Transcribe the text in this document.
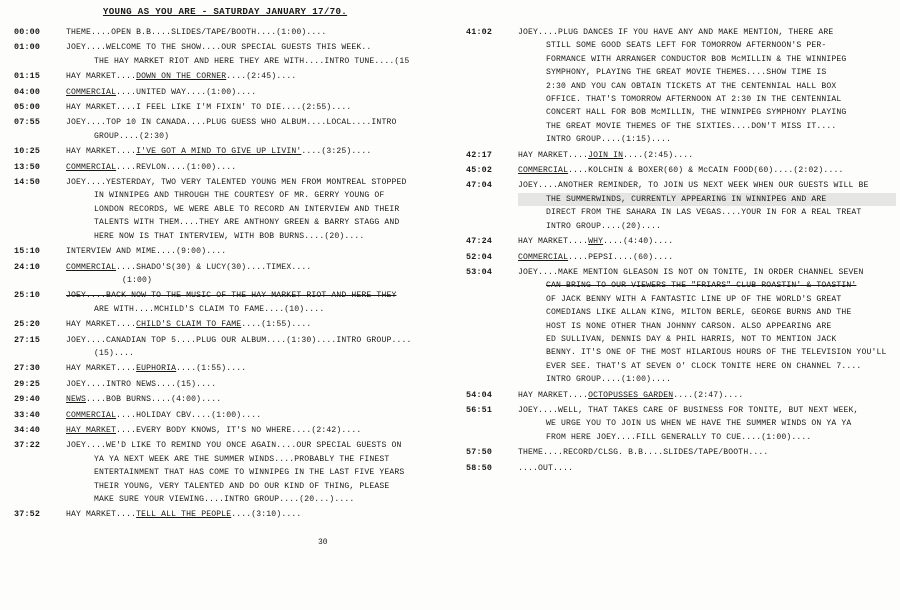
YOUNG AS YOU ARE - SATURDAY JANUARY 17/70.
00:00	THEME....OPEN B.B....SLIDES/TAPE/BOOTH....(1:00)....
01:00	JOEY....WELCOME TO THE SHOW....OUR SPECIAL GUESTS THIS WEEK..
THE HAY MARKET RIOT AND HERE THEY ARE WITH....INTRO TUNE....(15
01:15	HAY MARKET....DOWN ON THE CORNER....(2:45)....
04:00	COMMERCIAL....UNITED WAY....(1:00)....
05:00	HAY MARKET....I FEEL LIKE I'M FIXIN' TO DIE....(2:55)....
07:55	JOEY....TOP 10 IN CANADA....PLUG GUESS WHO ALBUM....LOCAL....INTRO
GROUP....(2:30)
10:25	HAY MARKET....I'VE GOT A MIND TO GIVE UP LIVIN'....(3:25)....
13:50	COMMERCIAL....REVLON....(1:00)....
14:50	JOEY....YESTERDAY, TWO VERY TALENTED YOUNG MEN FROM MONTREAL STOPPED
IN WINNIPEG AND THROUGH THE COURTESY OF MR. GERRY YOUNG OF
LONDON RECORDS, WE WERE ABLE TO RECORD AN INTERVIEW AND THEIR
TALENTS WITH THEM....THEY ARE ANTHONY GREEN & BARRY STAGG AND
HERE NOW IS THAT INTERVIEW, WITH BOB BURNS....(20)....
15:10	INTERVIEW AND MIME....(9:00)....
24:10	COMMERCIAL....SHADO'S(30) & LUCY(30)....TIMEX....
(1:00)
25:10	JOEY....BACK NOW TO THE MUSIC OF THE HAY MARKET RIOT AND HERE THEY
ARE WITH....MCHILD'S CLAIM TO FAME....(10)....
25:20	HAY MARKET....CHILD'S CLAIM TO FAME....(1:55)....
27:15	JOEY....CANADIAN TOP 5....PLUG OUR ALBUM....(1:30)....INTRO GROUP....
(15)....
27:30	HAY MARKET....EUPHORIA....(1:55)....
29:25	JOEY....INTRO NEWS....(15)....
29:40	NEWS....BOB BURNS....(4:00)....
33:40	COMMERCIAL....HOLIDAY CBV....(1:00)....
34:40	HAY MARKET....EVERY BODY KNOWS, IT'S NO WHERE....(2:42)....
37:22	JOEY....WE'D LIKE TO REMIND YOU ONCE AGAIN....OUR SPECIAL GUESTS ON
YA YA NEXT WEEK ARE THE SUMMER WINDS....PROBABLY THE FINEST
ENTERTAINMENT THAT HAS COME TO WINNIPEG IN THE LAST FIVE YEARS
THEIR YOUNG, VERY TALENTED AND DO OUR KIND OF THING, PLEASE
MAKE SURE YOUR VIEWING....INTRO GROUP....(20...)....
37:52	HAY MARKET....TELL ALL THE PEOPLE....(3:10)....
41:02	JOEY....PLUG DANCES IF YOU HAVE ANY AND MAKE MENTION, THERE ARE
STILL SOME GOOD SEATS LEFT FOR TOMORROW AFTERNOON'S PER-
FORMANCE WITH ARRANGER CONDUCTOR BOB McMILLIN & THE WINNIPEG
SYMPHONY, PLAYING THE GREAT MOVIE THEMES....SHOW TIME IS
2:30 AND YOU CAN OBTAIN TICKETS AT THE CENTENNIAL HALL BOX
OFFICE. THAT'S TOMORROW AFTERNOON AT 2:30 IN THE CENTENNIAL
CONCERT HALL FOR BOB McMILLIN, THE WINNIPEG SYMPHONY PLAYING
THE GREAT MOVIE THEMES OF THE SIXTIES....DON'T MISS IT....
INTRO GROUP....(1:15)....
42:17	HAY MARKET....JOIN IN....(2:45)....
45:02	COMMERCIAL....KOLCHIN & BOXER(60) & McCAIN FOOD(60)....(2:02)....
47:04	JOEY....ANOTHER REMINDER, TO JOIN US NEXT WEEK WHEN OUR GUESTS WILL BE
THE SUMMERWINDS, CURRENTLY APPEARING IN WINNIPEG AND ARE
DIRECT FROM THE SAHARA IN LAS VEGAS....YOUR IN FOR A REAL TREAT
INTRO GROUP....(20)....
47:24	HAY MARKET....WHY....(4:40)....
52:04	COMMERCIAL....PEPSI....(60)....
53:04	JOEY....MAKE MENTION GLEASON IS NOT ON TONITE, IN ORDER CHANNEL SEVEN
CAN BRING TO OUR VIEWERS THE "FRIARS" CLUB ROASTIN' & TOASTIN'
OF JACK BENNY WITH A FANTASTIC LINE UP OF THE WORLD'S GREAT
COMEDIANS LIKE ALLAN KING, MILTON BERLE, GEORGE BURNS AND THE
HOST IS NONE OTHER THAN JOHNNY CARSON. ALSO APPEARING ARE
ED SULLIVAN, DENNIS DAY & PHIL HARRIS, NOT TO MENTION JACK
BENNY. IT'S ONE OF THE MOST HILARIOUS HOURS OF THE TELEVISION YOU'LL
EVER SEE. THAT'S AT SEVEN O' CLOCK TONITE HERE ON CHANNEL 7....
INTRO GROUP....(1:00)....
54:04	HAY MARKET....OCTOPUSSES GARDEN....(2:47)....
56:51	JOEY....WELL, THAT TAKES CARE OF BUSINESS FOR TONITE, BUT NEXT WEEK,
WE URGE YOU TO JOIN US WHEN WE HAVE THE SUMMER WINDS ON YA YA
FROM HERE JOEY....FILL GENERALLY TO CUE....(1:00)....
57:50	THEME....RECORD/CLSG. B.B....SLIDES/TAPE/BOOTH....
58:50	....OUT....
30
